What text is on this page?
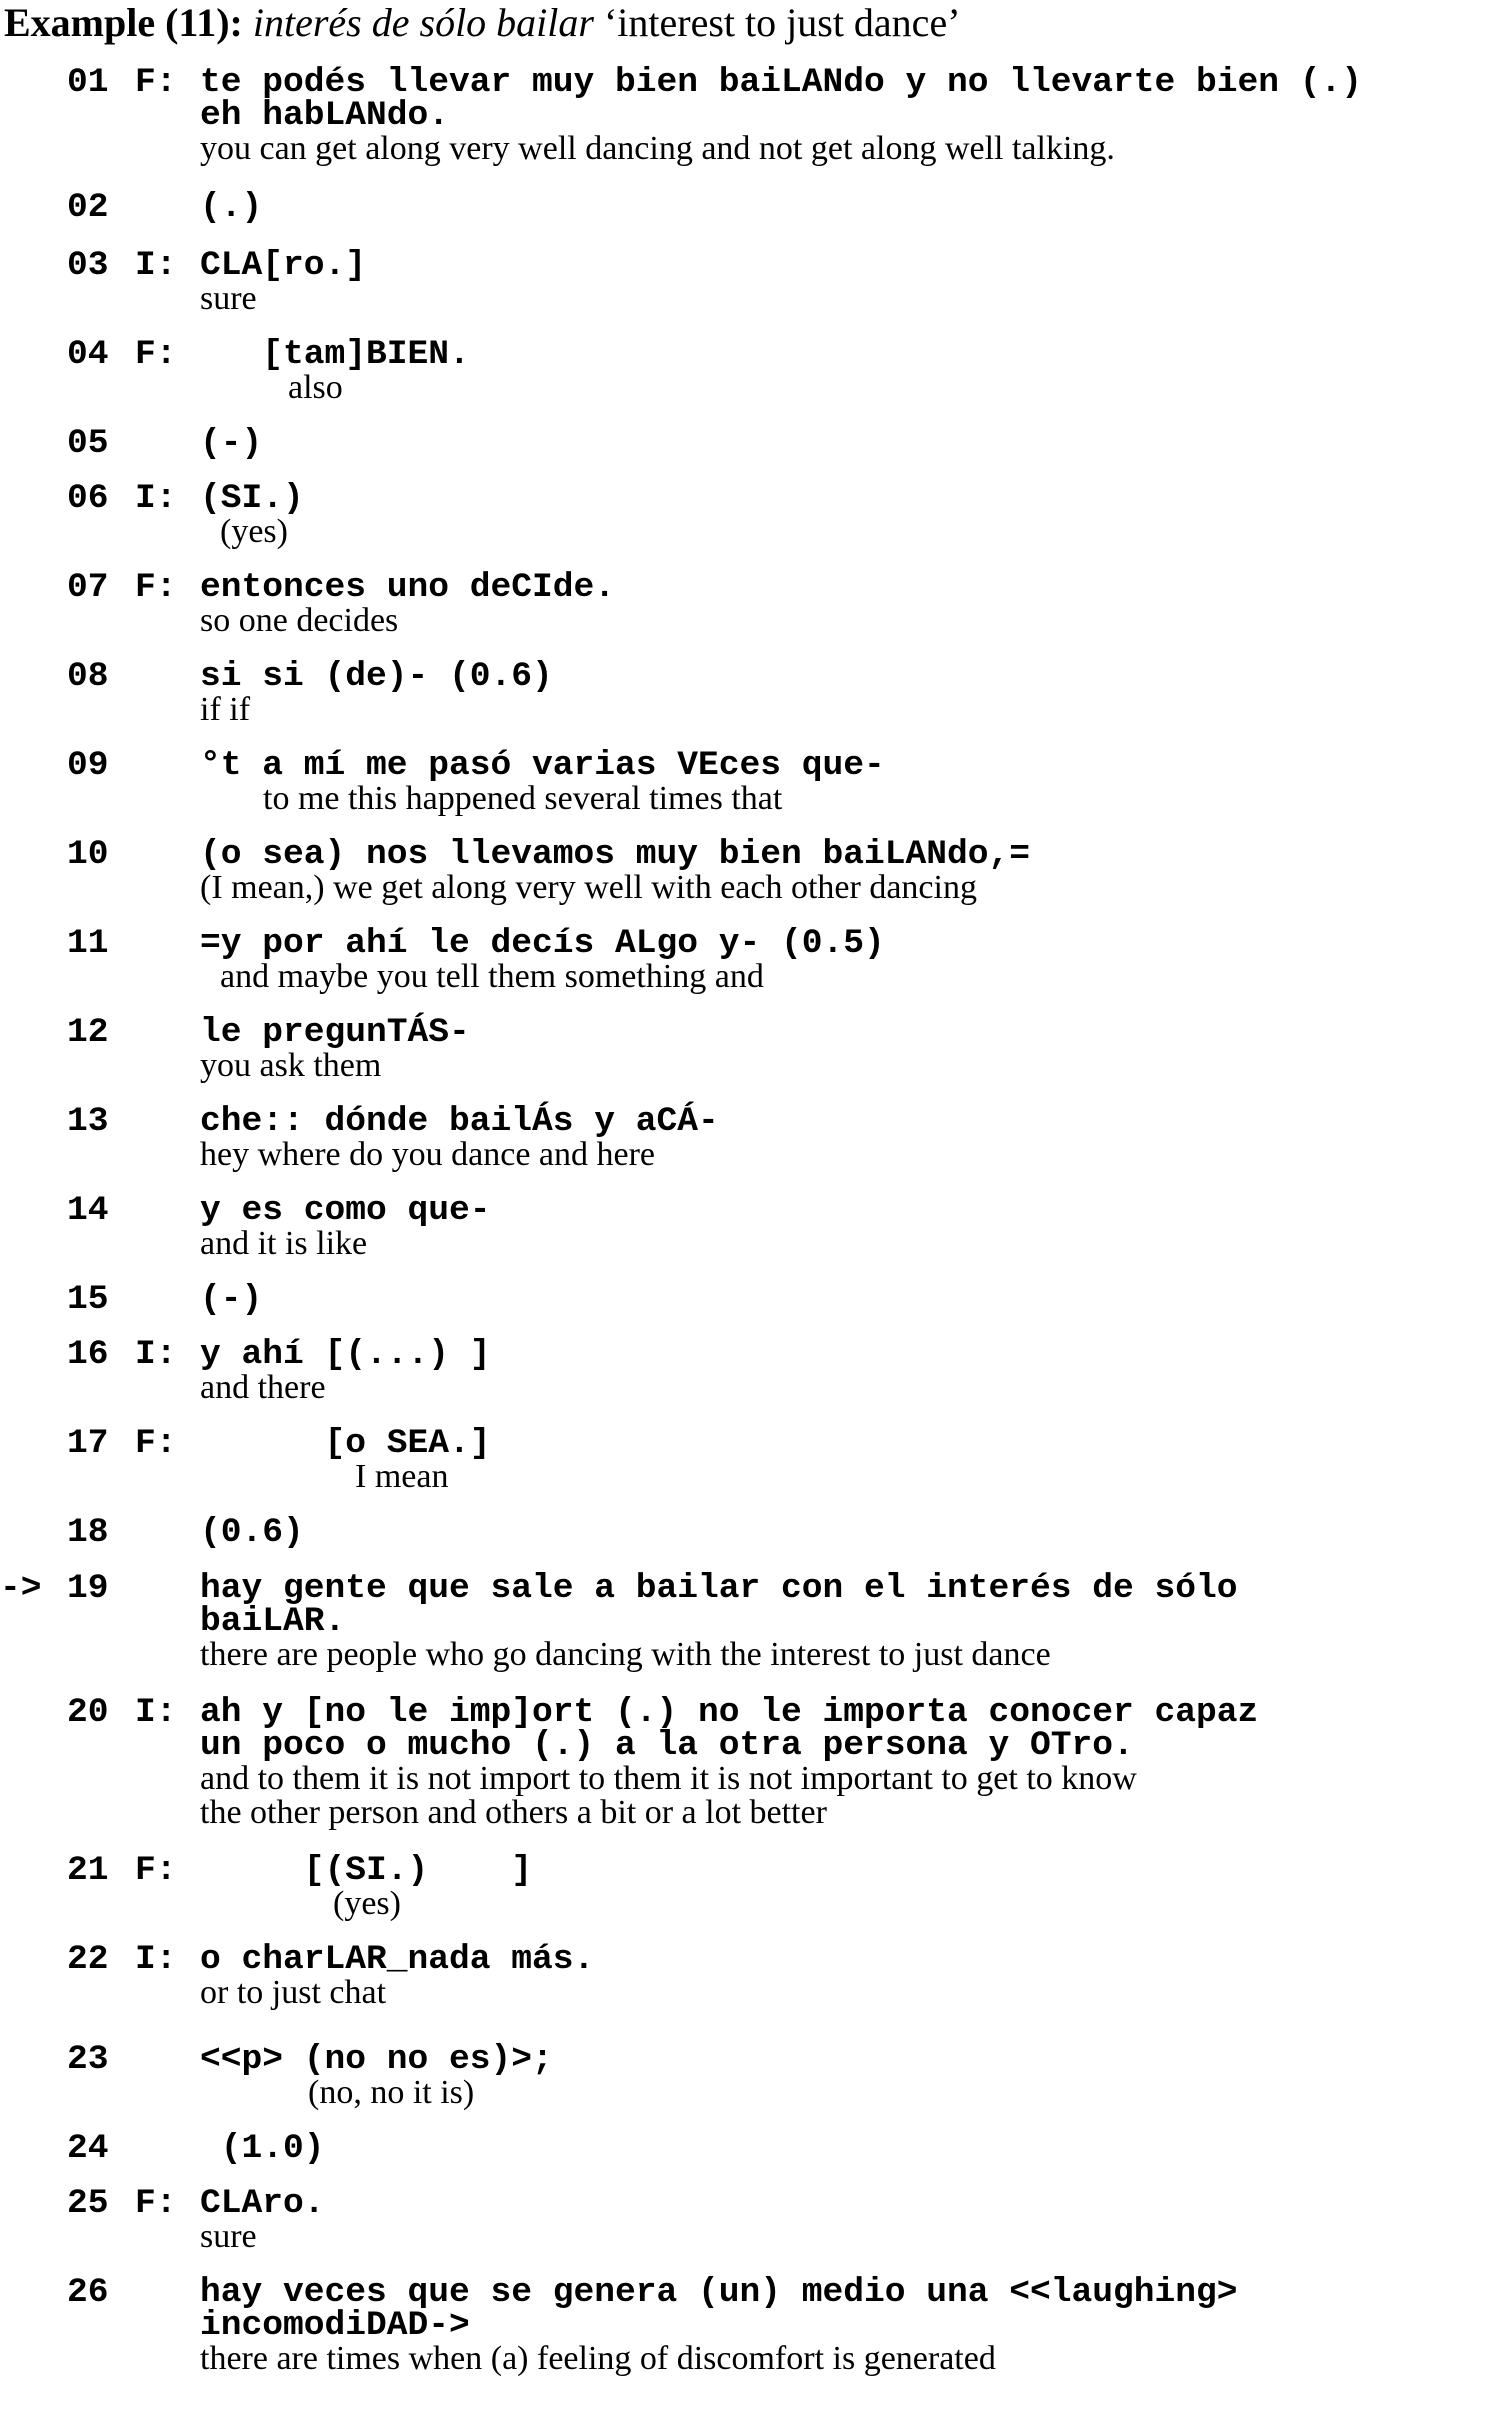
Example (11): interés de sólo bailar ‘interest to just dance’
01 F: te podés llevar muy bien baiLANdo y no llevarte bien (.)
eh habLANdo.
you can get along very well dancing and not get along well talking.
02	(.)
03 I: CLA[ro.]
sure
04 F: [tam]BIEN.
also
05	(-)
06 I: (SI.)
(yes)
07 F: entonces uno deCIde.
so one decides
08	si si (de)- (0.6)
if if
09	°t a mí me pasó varias VEces que-
to me this happened several times that
10	(o sea) nos llevamos muy bien baiLANdo,=
(I mean,) we get along very well with each other dancing
11	=y por ahí le decís ALgo y- (0.5)
and maybe you tell them something and
12	le pregunTÁS-
you ask them
13	che:: dónde bailÁs y aCÁ-
hey where do you dance and here
14	y es como que-
and it is like
15	(-)
16 I: y ahí [(...) ]
and there
17 F: [o SEA.]
I mean
18	(0.6)
-> 19	hay gente que sale a bailar con el interés de sólo
baiLAR.
there are people who go dancing with the interest to just dance
20 I: ah y [no le imp]ort (.) no le importa conocer capaz
un poco o mucho (.) a la otra persona y OTro.
and to them it is not import to them it is not important to get to know
the other person and others a bit or a lot better
21 F: [(SI.)    ]
(yes)
22 I: o charLAR_nada más.
or to just chat
23	<<p> (no no es)>;
(no, no it is)
24	(1.0)
25 F: CLAro.
sure
26	hay veces que se genera (un) medio una <<laughing>
incomodiDAD->
there are times when (a) feeling of discomfort is generated
